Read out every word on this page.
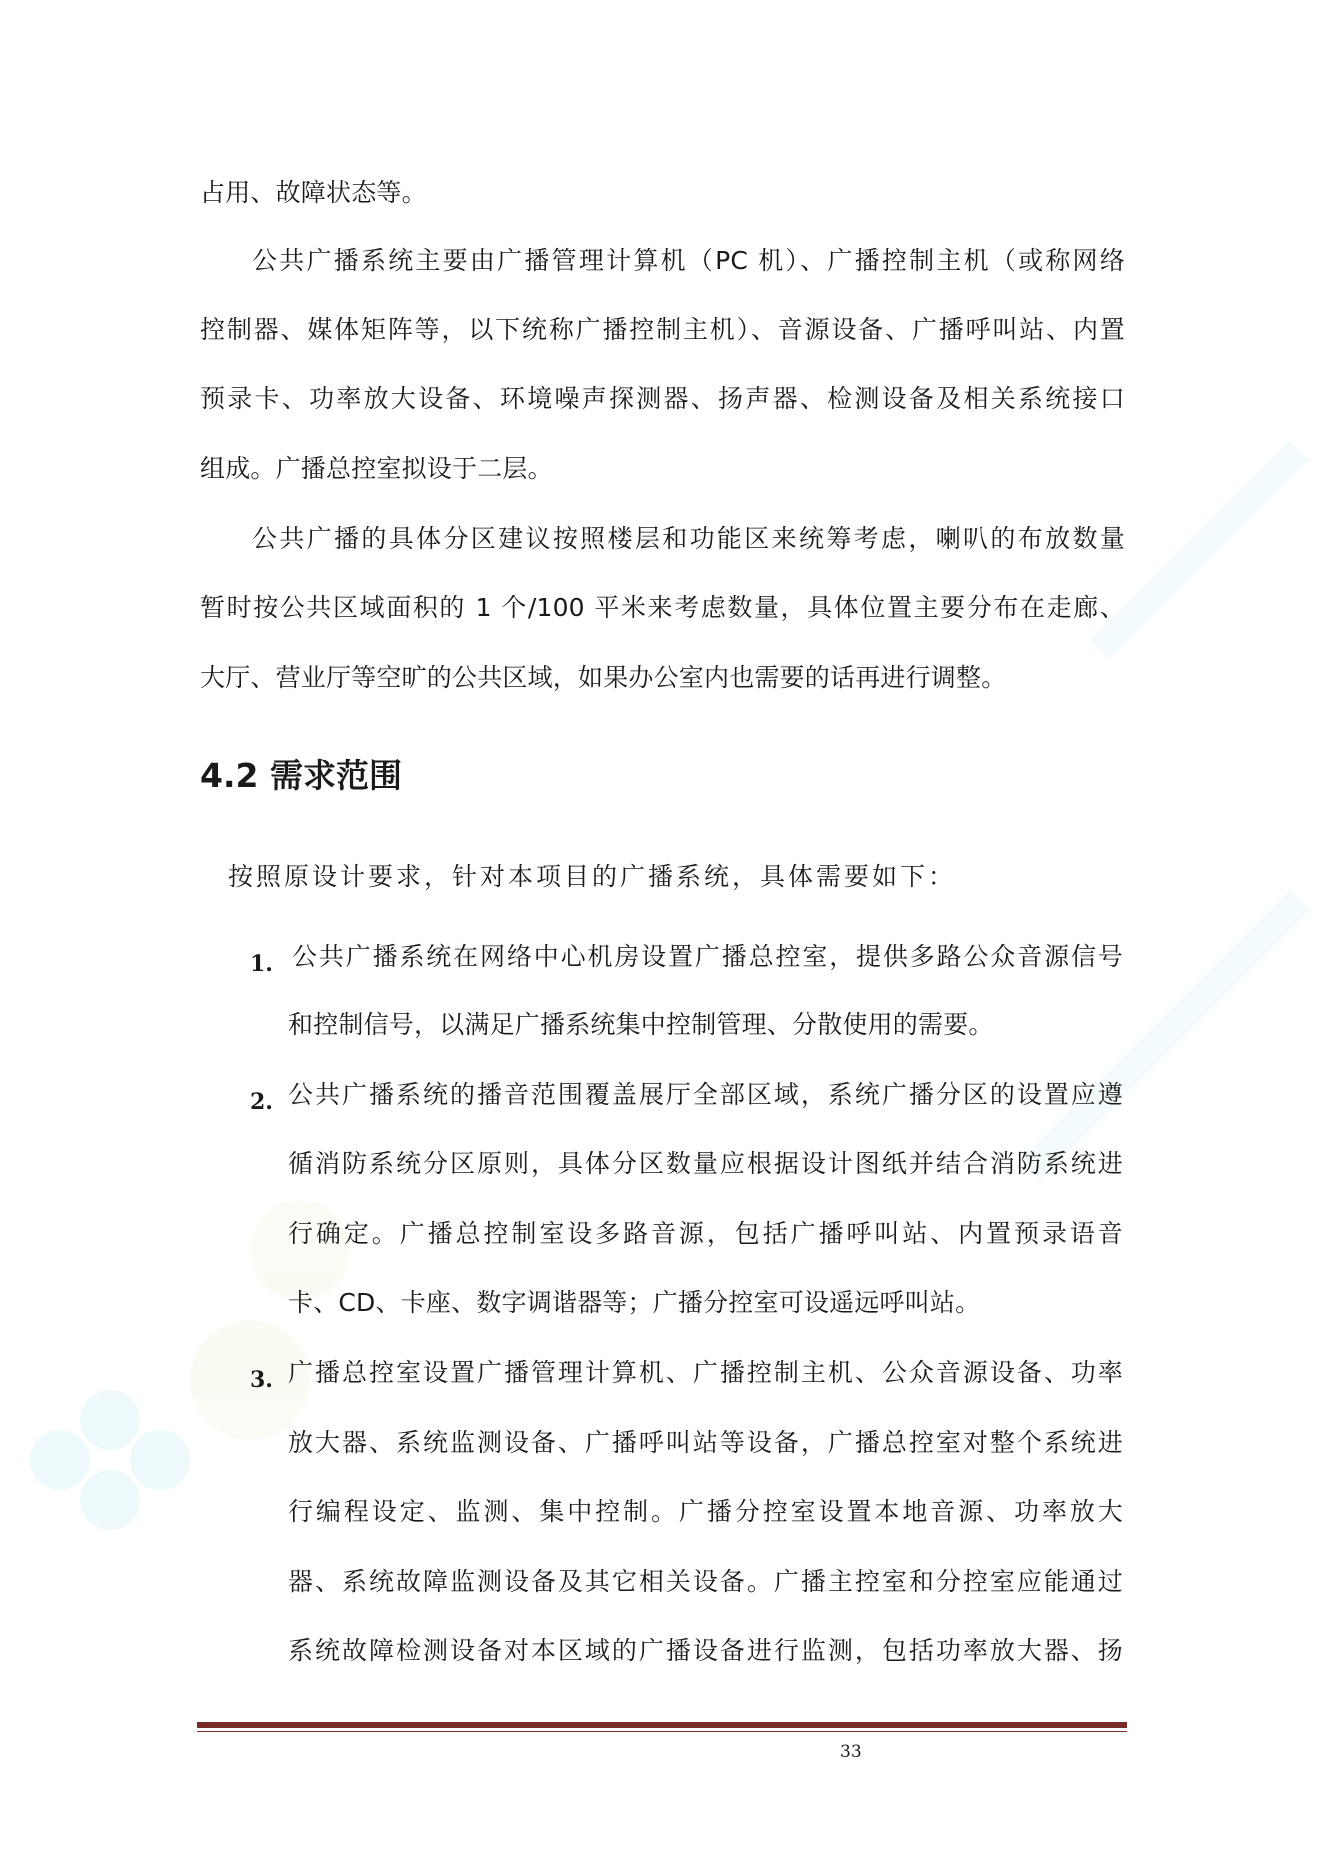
占用、故障状态等。
公共广播系统主要由广播管理计算机（PC 机）、广播控制主机（或称网络
控制器、媒体矩阵等，以下统称广播控制主机）、音源设备、广播呼叫站、内置
预录卡、功率放大设备、环境噪声探测器、扬声器、检测设备及相关系统接口
组成。广播总控室拟设于二层。
公共广播的具体分区建议按照楼层和功能区来统筹考虑，喇叭的布放数量
暂时按公共区域面积的 1 个/100 平米来考虑数量，具体位置主要分布在走廊、
大厅、营业厅等空旷的公共区域，如果办公室内也需要的话再进行调整。
4.2 需求范围
按照原设计要求，针对本项目的广播系统，具体需要如下：
1. 公共广播系统在网络中心机房设置广播总控室，提供多路公众音源信号
和控制信号，以满足广播系统集中控制管理、分散使用的需要。
2. 公共广播系统的播音范围覆盖展厅全部区域，系统广播分区的设置应遵
循消防系统分区原则，具体分区数量应根据设计图纸并结合消防系统进
行确定。广播总控制室设多路音源，包括广播呼叫站、内置预录语音
卡、CD、卡座、数字调谐器等；广播分控室可设遥远呼叫站。
3. 广播总控室设置广播管理计算机、广播控制主机、公众音源设备、功率
放大器、系统监测设备、广播呼叫站等设备，广播总控室对整个系统进
行编程设定、监测、集中控制。广播分控室设置本地音源、功率放大
器、系统故障监测设备及其它相关设备。广播主控室和分控室应能通过
系统故障检测设备对本区域的广播设备进行监测，包括功率放大器、扬
33
